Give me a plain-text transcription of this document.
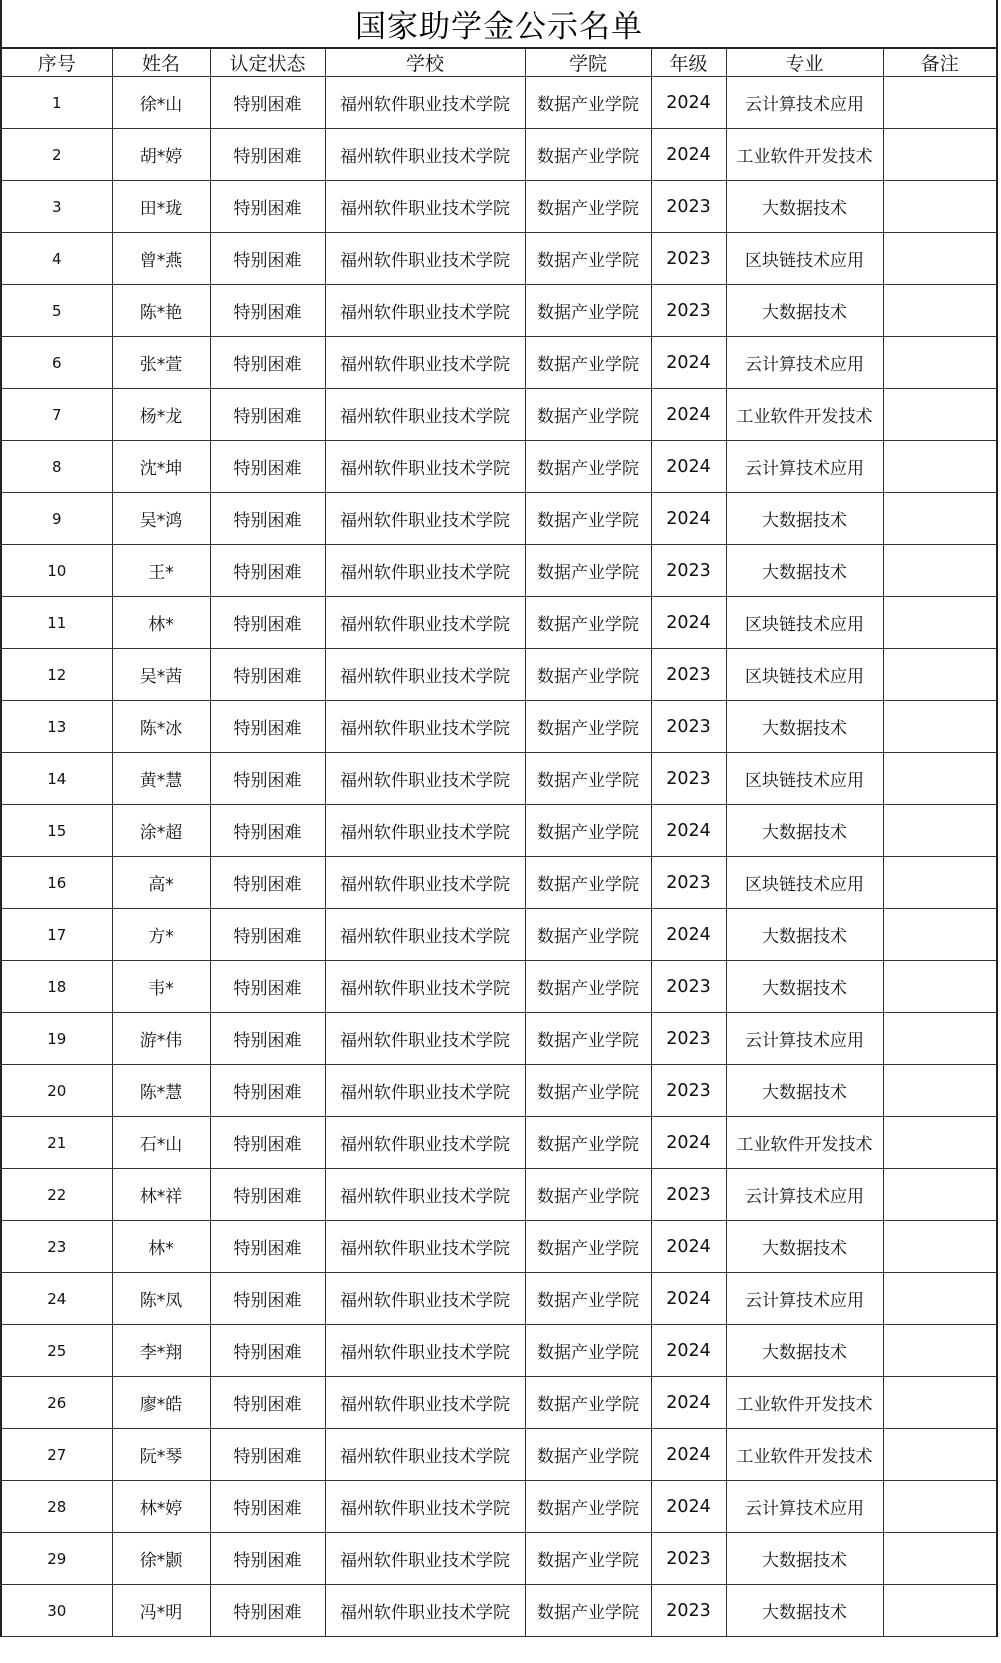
国家助学金公示名单
序号	姓名	认定状态	学校	学院	年级	专业	备注
1	徐*山	特别困难	福州软件职业技术学院	数据产业学院	2024	云计算技术应用	
2	胡*婷	特别困难	福州软件职业技术学院	数据产业学院	2024	工业软件开发技术	
3	田*珑	特别困难	福州软件职业技术学院	数据产业学院	2023	大数据技术	
4	曾*燕	特别困难	福州软件职业技术学院	数据产业学院	2023	区块链技术应用	
5	陈*艳	特别困难	福州软件职业技术学院	数据产业学院	2023	大数据技术	
6	张*萱	特别困难	福州软件职业技术学院	数据产业学院	2024	云计算技术应用	
7	杨*龙	特别困难	福州软件职业技术学院	数据产业学院	2024	工业软件开发技术	
8	沈*坤	特别困难	福州软件职业技术学院	数据产业学院	2024	云计算技术应用	
9	吴*鸿	特别困难	福州软件职业技术学院	数据产业学院	2024	大数据技术	
10	王*	特别困难	福州软件职业技术学院	数据产业学院	2023	大数据技术	
11	林*	特别困难	福州软件职业技术学院	数据产业学院	2024	区块链技术应用	
12	吴*茜	特别困难	福州软件职业技术学院	数据产业学院	2023	区块链技术应用	
13	陈*冰	特别困难	福州软件职业技术学院	数据产业学院	2023	大数据技术	
14	黄*慧	特别困难	福州软件职业技术学院	数据产业学院	2023	区块链技术应用	
15	涂*超	特别困难	福州软件职业技术学院	数据产业学院	2024	大数据技术	
16	高*	特别困难	福州软件职业技术学院	数据产业学院	2023	区块链技术应用	
17	方*	特别困难	福州软件职业技术学院	数据产业学院	2024	大数据技术	
18	韦*	特别困难	福州软件职业技术学院	数据产业学院	2023	大数据技术	
19	游*伟	特别困难	福州软件职业技术学院	数据产业学院	2023	云计算技术应用	
20	陈*慧	特别困难	福州软件职业技术学院	数据产业学院	2023	大数据技术	
21	石*山	特别困难	福州软件职业技术学院	数据产业学院	2024	工业软件开发技术	
22	林*祥	特别困难	福州软件职业技术学院	数据产业学院	2023	云计算技术应用	
23	林*	特别困难	福州软件职业技术学院	数据产业学院	2024	大数据技术	
24	陈*凤	特别困难	福州软件职业技术学院	数据产业学院	2024	云计算技术应用	
25	李*翔	特别困难	福州软件职业技术学院	数据产业学院	2024	大数据技术	
26	廖*皓	特别困难	福州软件职业技术学院	数据产业学院	2024	工业软件开发技术	
27	阮*琴	特别困难	福州软件职业技术学院	数据产业学院	2024	工业软件开发技术	
28	林*婷	特别困难	福州软件职业技术学院	数据产业学院	2024	云计算技术应用	
29	徐*颢	特别困难	福州软件职业技术学院	数据产业学院	2023	大数据技术	
30	冯*明	特别困难	福州软件职业技术学院	数据产业学院	2023	大数据技术	
